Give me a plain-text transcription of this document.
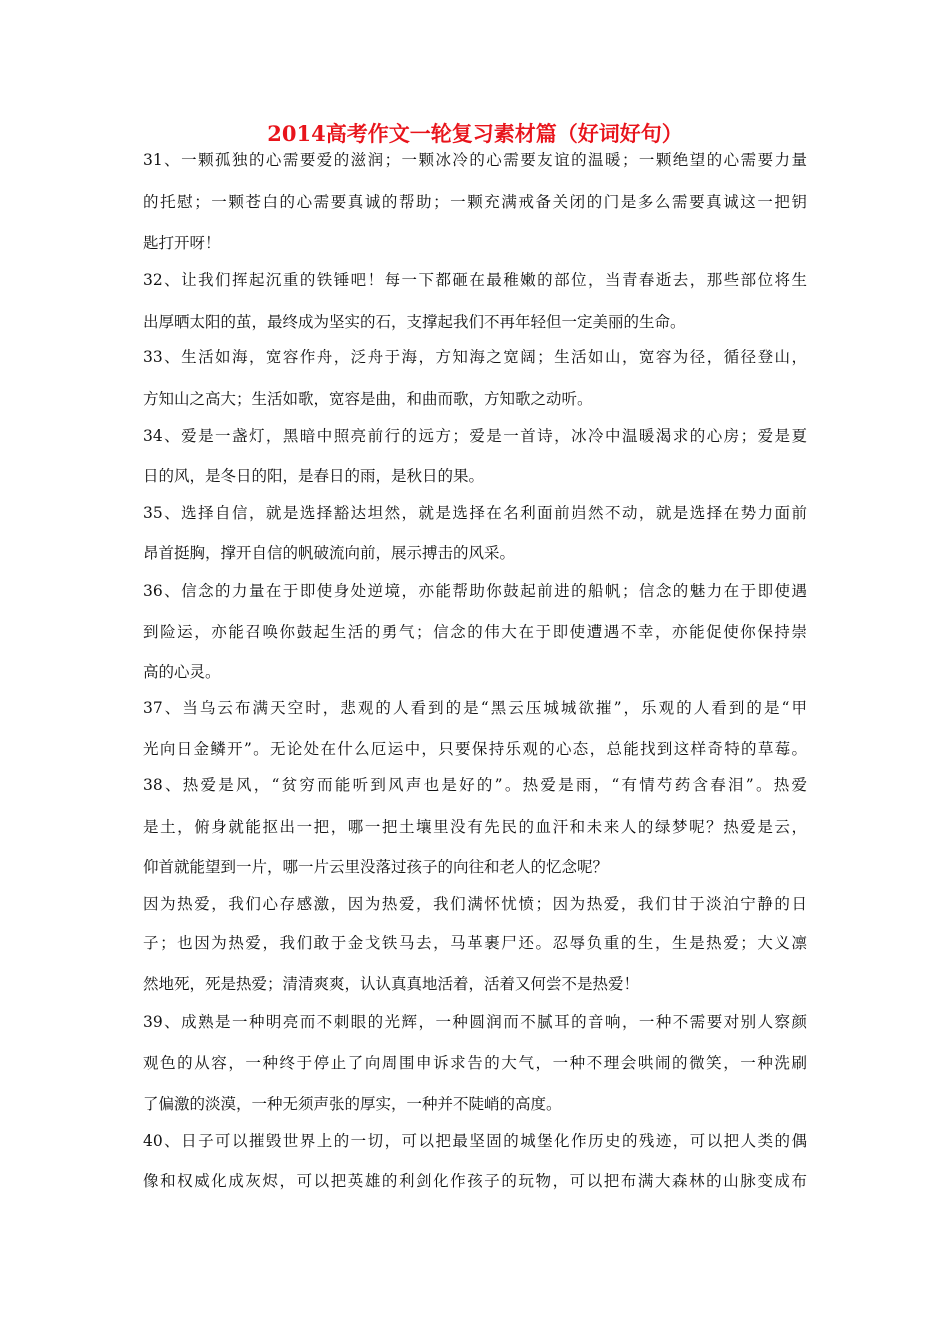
2014高考作文一轮复习素材篇（好词好句）

31、一颗孤独的心需要爱的滋润；一颗冰冷的心需要友谊的温暖；一颗绝望的心需要力量

的托慰；一颗苍白的心需要真诚的帮助；一颗充满戒备关闭的门是多么需要真诚这一把钥

匙打开呀！

32、让我们挥起沉重的铁锤吧！每一下都砸在最稚嫩的部位，当青春逝去，那些部位将生

出厚晒太阳的茧，最终成为坚实的石，支撑起我们不再年轻但一定美丽的生命。

33、生活如海，宽容作舟，泛舟于海，方知海之宽阔；生活如山，宽容为径，循径登山，

方知山之高大；生活如歌，宽容是曲，和曲而歌，方知歌之动听。

34、爱是一盏灯，黑暗中照亮前行的远方；爱是一首诗，冰冷中温暖渴求的心房；爱是夏

日的风，是冬日的阳，是春日的雨，是秋日的果。

35、选择自信，就是选择豁达坦然，就是选择在名利面前岿然不动，就是选择在势力面前

昂首挺胸，撑开自信的帆破流向前，展示搏击的风采。

36、信念的力量在于即使身处逆境，亦能帮助你鼓起前进的船帆；信念的魅力在于即使遇

到险运，亦能召唤你鼓起生活的勇气；信念的伟大在于即使遭遇不幸，亦能促使你保持崇

高的心灵。

37、当乌云布满天空时，悲观的人看到的是“黑云压城城欲摧”，乐观的人看到的是“甲

光向日金鳞开”。无论处在什么厄运中，只要保持乐观的心态，总能找到这样奇特的草莓。

38、热爱是风，“贫穷而能听到风声也是好的”。热爱是雨，“有情芍药含春泪”。热爱

是土，俯身就能抠出一把，哪一把土壤里没有先民的血汗和未来人的绿梦呢？热爱是云，

仰首就能望到一片，哪一片云里没落过孩子的向往和老人的忆念呢？

因为热爱，我们心存感激，因为热爱，我们满怀忧愤；因为热爱，我们甘于淡泊宁静的日

子；也因为热爱，我们敢于金戈铁马去，马革裹尸还。忍辱负重的生，生是热爱；大义凛

然地死，死是热爱；清清爽爽，认认真真地活着，活着又何尝不是热爱！

39、成熟是一种明亮而不刺眼的光辉，一种圆润而不腻耳的音响，一种不需要对别人察颜

观色的从容，一种终于停止了向周围申诉求告的大气，一种不理会哄闹的微笑，一种洗刷

了偏激的淡漠，一种无须声张的厚实，一种并不陡峭的高度。

40、日子可以摧毁世界上的一切，可以把最坚固的城堡化作历史的残迹，可以把人类的偶

像和权威化成灰烬，可以把英雄的利剑化作孩子的玩物，可以把布满大森林的山脉变成布
